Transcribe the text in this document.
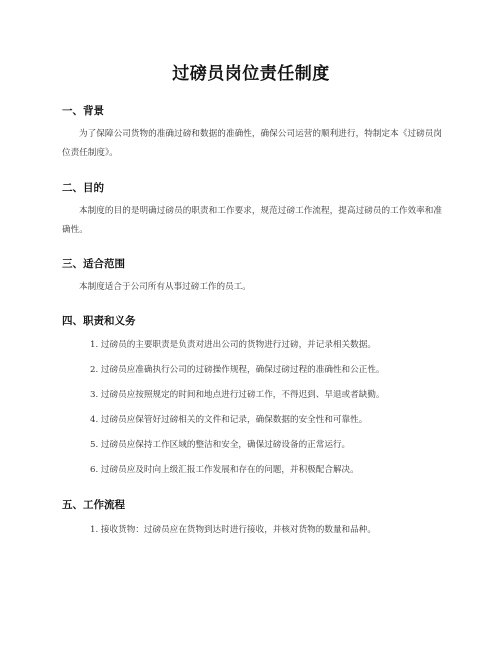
过磅员岗位责任制度
一、背景
为了保障公司货物的准确过磅和数据的准确性，确保公司运营的顺利进行，特制定本《过磅员岗位责任制度》。
二、目的
本制度的目的是明确过磅员的职责和工作要求，规范过磅工作流程，提高过磅员的工作效率和准确性。
三、适合范围
本制度适合于公司所有从事过磅工作的员工。
四、职责和义务
1. 过磅员的主要职责是负责对进出公司的货物进行过磅，并记录相关数据。
2. 过磅员应准确执行公司的过磅操作规程，确保过磅过程的准确性和公正性。
3. 过磅员应按照规定的时间和地点进行过磅工作，不得迟到、早退或者缺勤。
4. 过磅员应保管好过磅相关的文件和记录，确保数据的安全性和可靠性。
5. 过磅员应保持工作区域的整洁和安全，确保过磅设备的正常运行。
6. 过磅员应及时向上级汇报工作发展和存在的问题，并积极配合解决。
五、工作流程
1. 接收货物：过磅员应在货物到达时进行接收，并核对货物的数量和品种。
